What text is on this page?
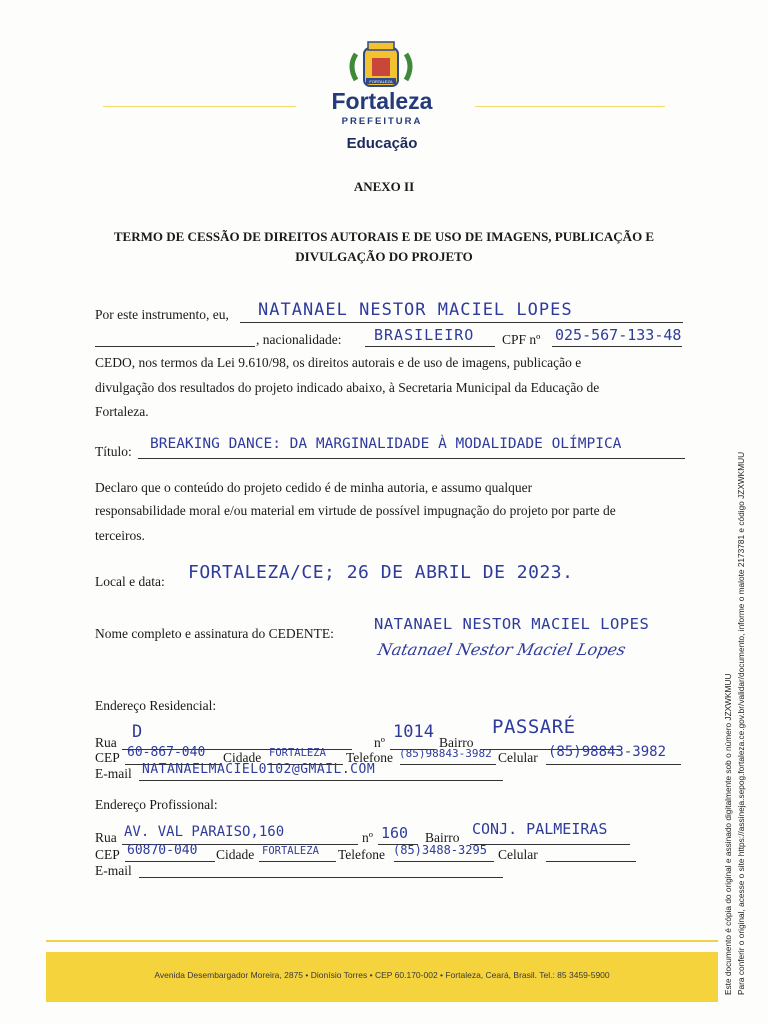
FORTALEZA
Fortaleza
PREFEITURA
Educação
ANEXO II
TERMO DE CESSÃO DE DIREITOS AUTORAIS E DE USO DE IMAGENS, PUBLICAÇÃO E
DIVULGAÇÃO DO PROJETO
Por este instrumento, eu, NATANAEL NESTOR MACIEL LOPES
, nacionalidade: BRASILEIRO CPF nº 025-567-133-48
CEDO, nos termos da Lei 9.610/98, os direitos autorais e de uso de imagens, publicação e
divulgação dos resultados do projeto indicado abaixo, à Secretaria Municipal da Educação de
Fortaleza.
Título: BREAKING DANCE: DA MARGINALIDADE À MODALIDADE OLÍMPICA
Declaro que o conteúdo do projeto cedido é de minha autoria, e assumo qualquer
responsabilidade moral e/ou material em virtude de possível impugnação do projeto por parte de
terceiros.
Local e data: FORTALEZA/CE; 26 DE ABRIL DE 2023.
Nome completo e assinatura do CEDENTE:
NATANAEL NESTOR MACIEL LOPES
Natanael Nestor Maciel Lopes
Endereço Residencial:
Rua
D
nº
1014
Bairro
PASSARÉ
CEP 60-867-040 Cidade FORTALEZA Telefone (85)98843-3982 Celular (85)98843-3982
E-mail NATANAELMACIEL0102@GMAIL.COM
Endereço Profissional:
Rua AV. VAL PARAISO,160	nº 160 Bairro CONJ. PALMEIRAS
CEP 60870-040 Cidade FORTALEZA Telefone (85)3488-3295 Celular
E-mail
Avenida Desembargador Moreira, 2875 • Dionísio Torres • CEP 60.170-002 • Fortaleza, Ceará, Brasil. Tel.: 85 3459-5900	Este documento é cópia do original e assinado digitalmente sob o número JZXWKMUU Para conferir o original, acesse o site https://assineja.sepog.fortaleza.ce.gov.br/validar/documento, informe o malote 2173781 e código JZXWKMUU
